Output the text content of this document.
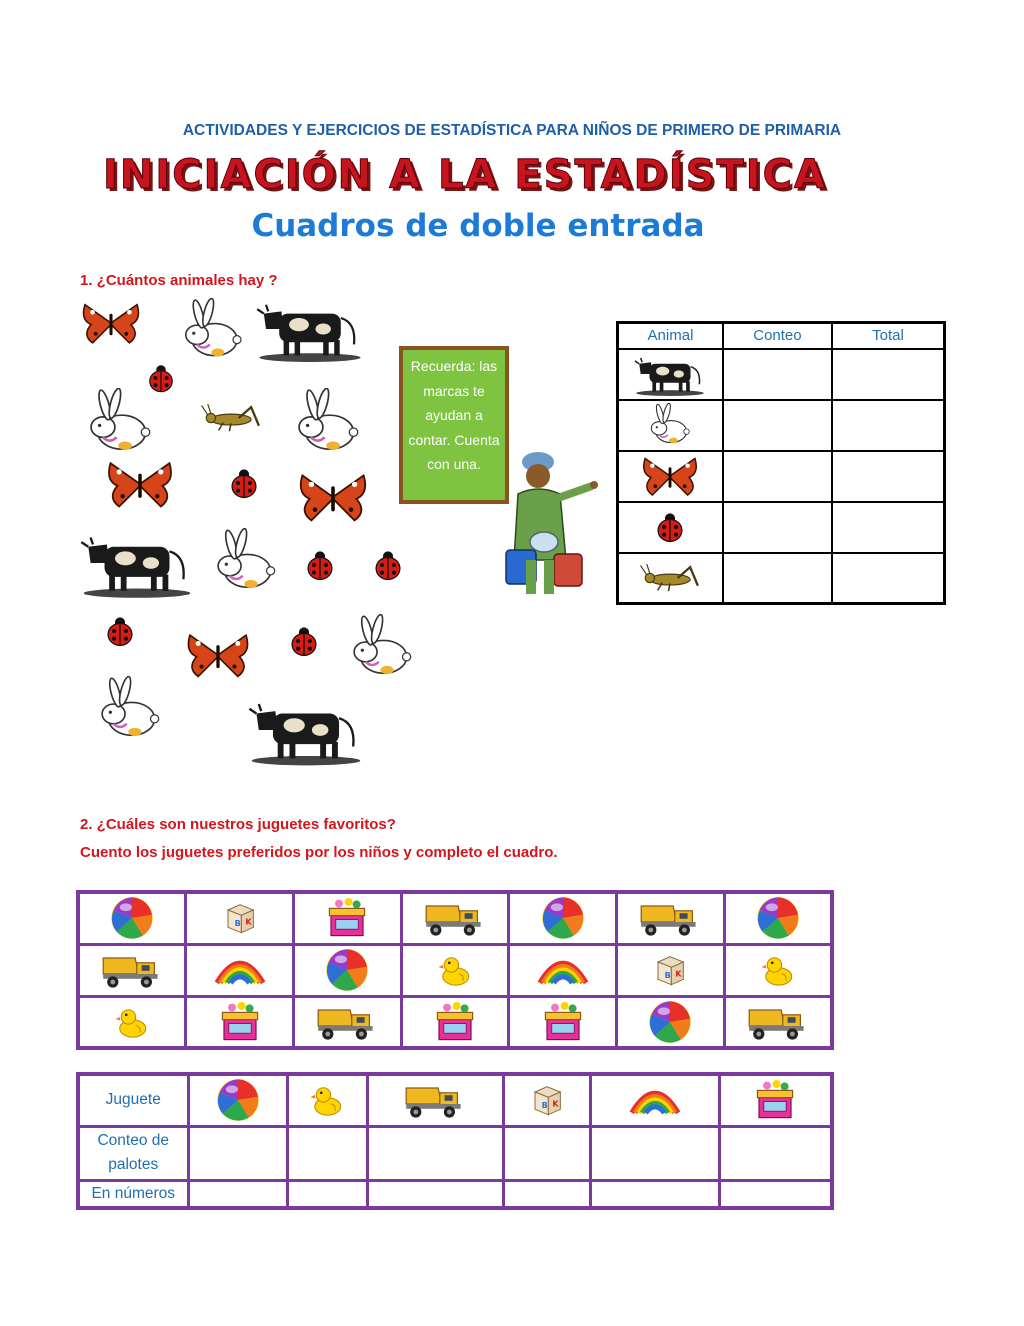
ACTIVIDADES Y EJERCICIOS DE ESTADÍSTICA PARA NIÑOS DE PRIMERO DE PRIMARIA
INICIACIÓN A LA ESTADÍSTICA
Cuadros de doble entrada
1. ¿Cuántos animales hay ?
Recuerda: las marcas te ayudan a contar. Cuenta con una.
Animal	Conteo	Total

2. ¿Cuáles son nuestros juguetes favoritos?
Cuento los juguetes preferidos por los niños y completo el cuadro.

Juguete	

Conteo de palotes						
En números						
